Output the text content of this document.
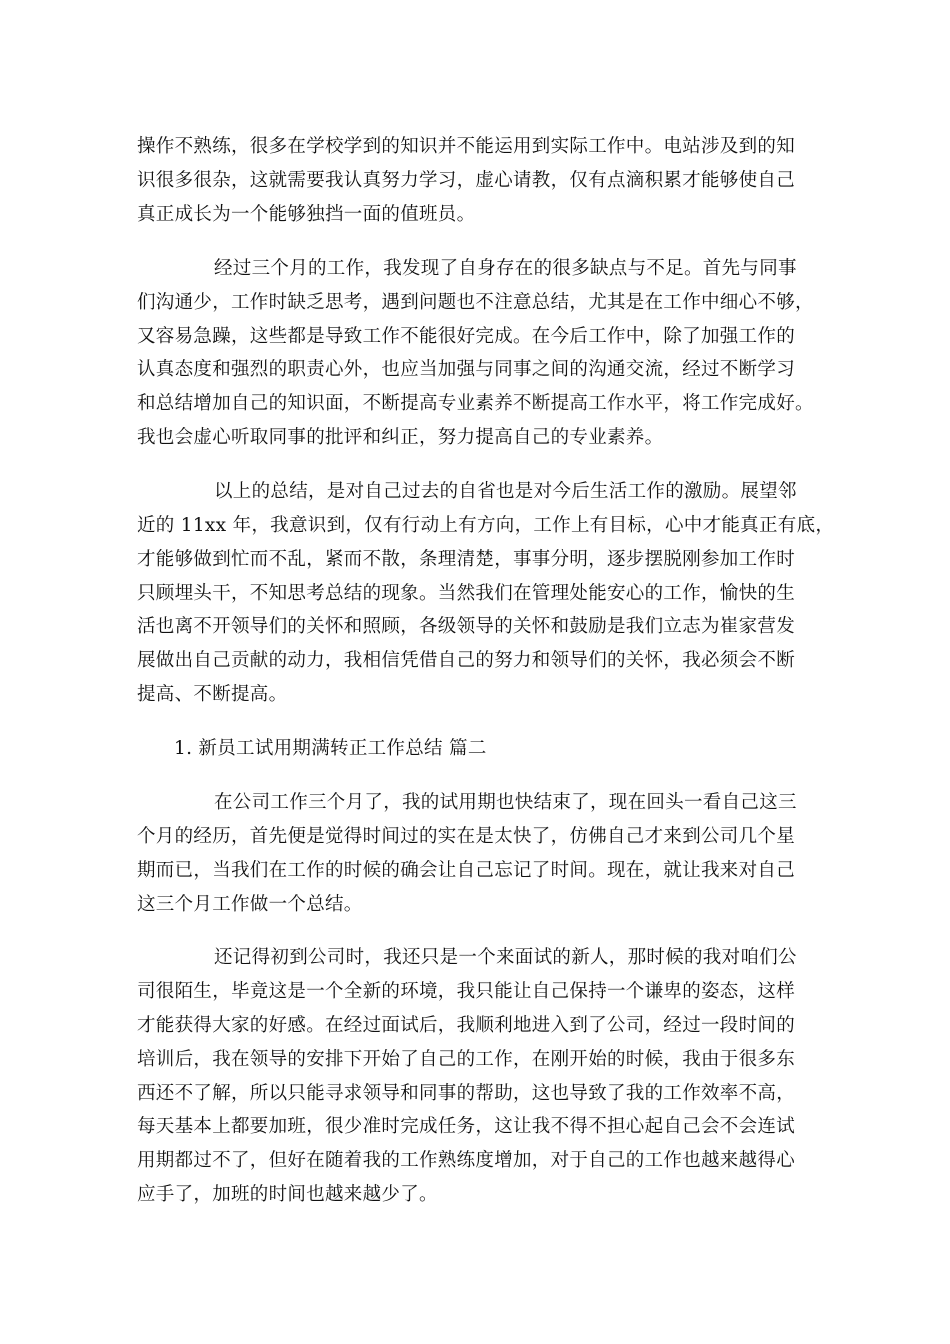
操作不熟练，很多在学校学到的知识并不能运用到实际工作中。电站涉及到的知
识很多很杂，这就需要我认真努力学习，虚心请教，仅有点滴积累才能够使自己
真正成长为一个能够独挡一面的值班员。
经过三个月的工作，我发现了自身存在的很多缺点与不足。首先与同事
们沟通少，工作时缺乏思考，遇到问题也不注意总结，尤其是在工作中细心不够，
又容易急躁，这些都是导致工作不能很好完成。在今后工作中，除了加强工作的
认真态度和强烈的职责心外，也应当加强与同事之间的沟通交流，经过不断学习
和总结增加自己的知识面，不断提高专业素养不断提高工作水平，将工作完成好。
我也会虚心听取同事的批评和纠正，努力提高自己的专业素养。
以上的总结，是对自己过去的自省也是对今后生活工作的激励。展望邻
近的 11xx 年，我意识到，仅有行动上有方向，工作上有目标，心中才能真正有底，
才能够做到忙而不乱，紧而不散，条理清楚，事事分明，逐步摆脱刚参加工作时
只顾埋头干，不知思考总结的现象。当然我们在管理处能安心的工作，愉快的生
活也离不开领导们的关怀和照顾，各级领导的关怀和鼓励是我们立志为崔家营发
展做出自己贡献的动力，我相信凭借自己的努力和领导们的关怀，我必须会不断
提高、不断提高。
1. 新员工试用期满转正工作总结 篇二
在公司工作三个月了，我的试用期也快结束了，现在回头一看自己这三
个月的经历，首先便是觉得时间过的实在是太快了，仿佛自己才来到公司几个星
期而已，当我们在工作的时候的确会让自己忘记了时间。现在，就让我来对自己
这三个月工作做一个总结。
还记得初到公司时，我还只是一个来面试的新人，那时候的我对咱们公
司很陌生，毕竟这是一个全新的环境，我只能让自己保持一个谦卑的姿态，这样
才能获得大家的好感。在经过面试后，我顺利地进入到了公司，经过一段时间的
培训后，我在领导的安排下开始了自己的工作，在刚开始的时候，我由于很多东
西还不了解，所以只能寻求领导和同事的帮助，这也导致了我的工作效率不高，
每天基本上都要加班，很少准时完成任务，这让我不得不担心起自己会不会连试
用期都过不了，但好在随着我的工作熟练度增加，对于自己的工作也越来越得心
应手了，加班的时间也越来越少了。
